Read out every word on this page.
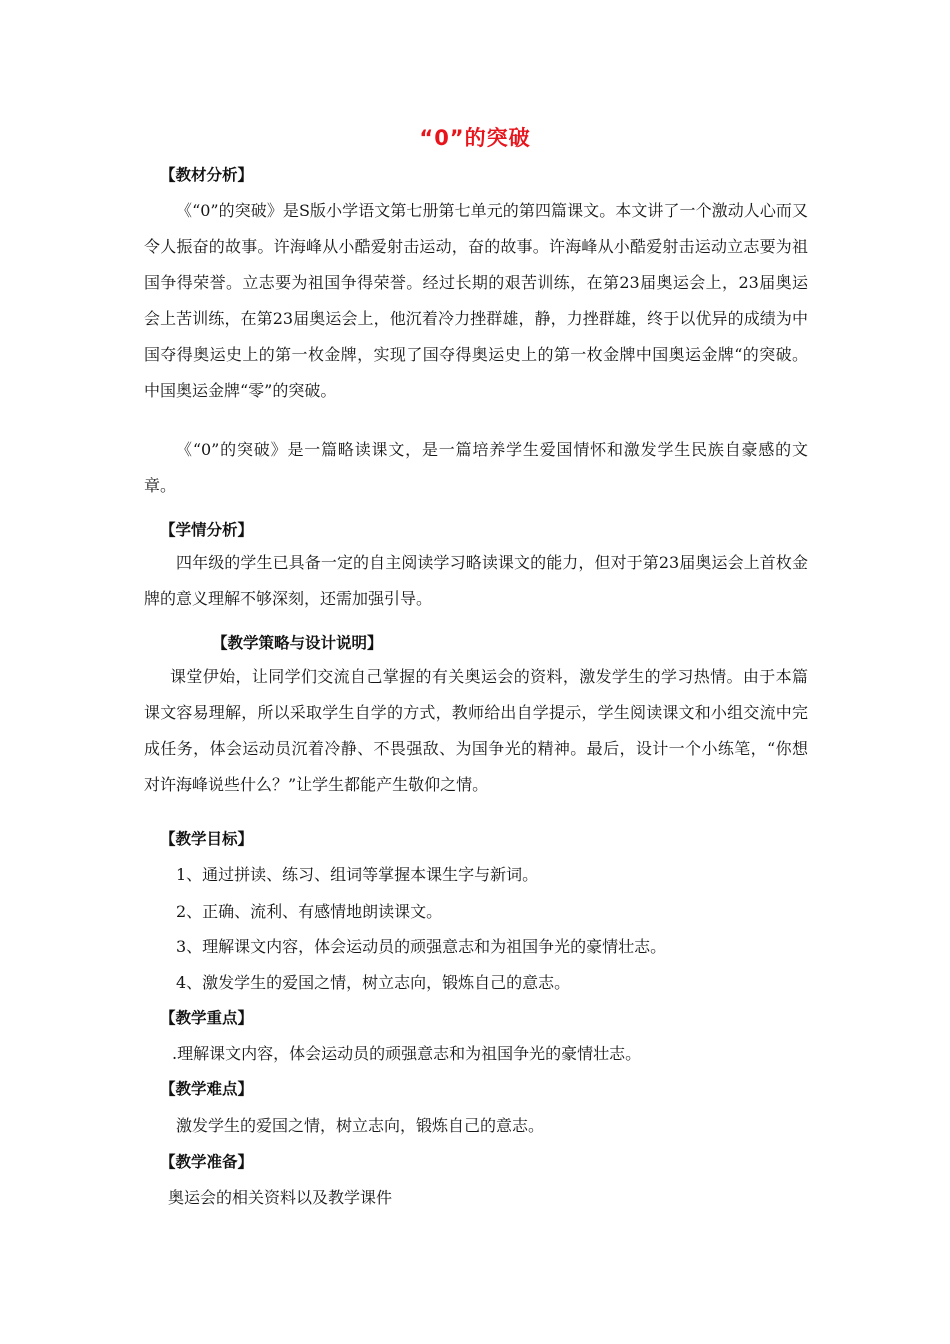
“0”的突破
【教材分析】
《“0”的突破》是S版小学语文第七册第七单元的第四篇课文。本文讲了一个激动人心而又令人振奋的故事。许海峰从小酷爱射击运动，奋的故事。许海峰从小酷爱射击运动立志要为祖国争得荣誉。立志要为祖国争得荣誉。经过长期的艰苦训练，在第23届奥运会上，23届奥运会上苦训练，在第23届奥运会上，他沉着冷力挫群雄，静，力挫群雄，终于以优异的成绩为中国夺得奥运史上的第一枚金牌，实现了国夺得奥运史上的第一枚金牌中国奥运金牌“的突破。中国奥运金牌“零”的突破。
《“0”的突破》是一篇略读课文，是一篇培养学生爱国情怀和激发学生民族自豪感的文章。
【学情分析】
四年级的学生已具备一定的自主阅读学习略读课文的能力，但对于第23届奥运会上首枚金牌的意义理解不够深刻，还需加强引导。
【教学策略与设计说明】
课堂伊始，让同学们交流自己掌握的有关奥运会的资料，激发学生的学习热情。由于本篇课文容易理解，所以采取学生自学的方式，教师给出自学提示，学生阅读课文和小组交流中完成任务，体会运动员沉着冷静、不畏强敌、为国争光的精神。最后，设计一个小练笔，“你想对许海峰说些什么？”让学生都能产生敬仰之情。
【教学目标】
1、通过拼读、练习、组词等掌握本课生字与新词。
2、正确、流利、有感情地朗读课文。
3、理解课文内容，体会运动员的顽强意志和为祖国争光的豪情壮志。
4、激发学生的爱国之情，树立志向，锻炼自己的意志。
【教学重点】
.理解课文内容，体会运动员的顽强意志和为祖国争光的豪情壮志。
【教学难点】
激发学生的爱国之情，树立志向，锻炼自己的意志。
【教学准备】
奥运会的相关资料以及教学课件
